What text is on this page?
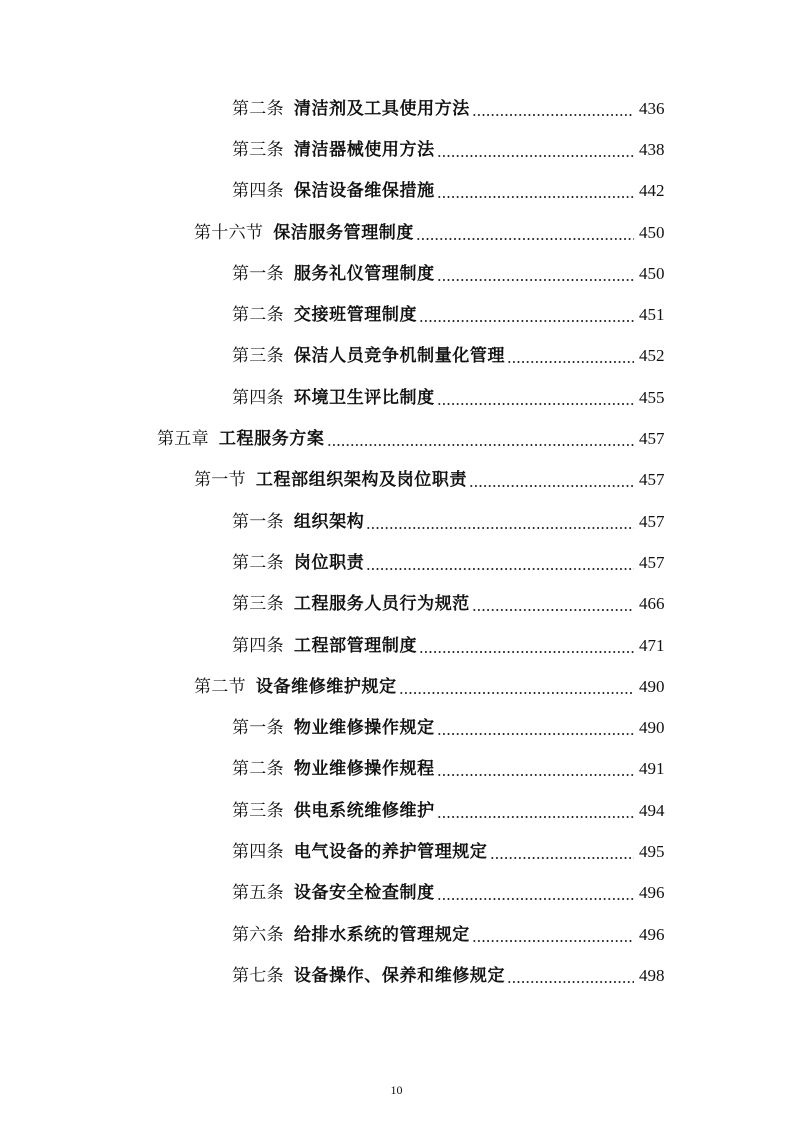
第二条 清洁剂及工具使用方法	436
第三条 清洁器械使用方法	438
第四条 保洁设备维保措施	442
第十六节 保洁服务管理制度	450
第一条 服务礼仪管理制度	450
第二条 交接班管理制度	451
第三条 保洁人员竞争机制量化管理	452
第四条 环境卫生评比制度	455
第五章 工程服务方案	457
第一节 工程部组织架构及岗位职责	457
第一条 组织架构	457
第二条 岗位职责	457
第三条 工程服务人员行为规范	466
第四条 工程部管理制度	471
第二节 设备维修维护规定	490
第一条 物业维修操作规定	490
第二条 物业维修操作规程	491
第三条 供电系统维修维护	494
第四条 电气设备的养护管理规定	495
第五条 设备安全检查制度	496
第六条 给排水系统的管理规定	496
第七条 设备操作、保养和维修规定	498
10
